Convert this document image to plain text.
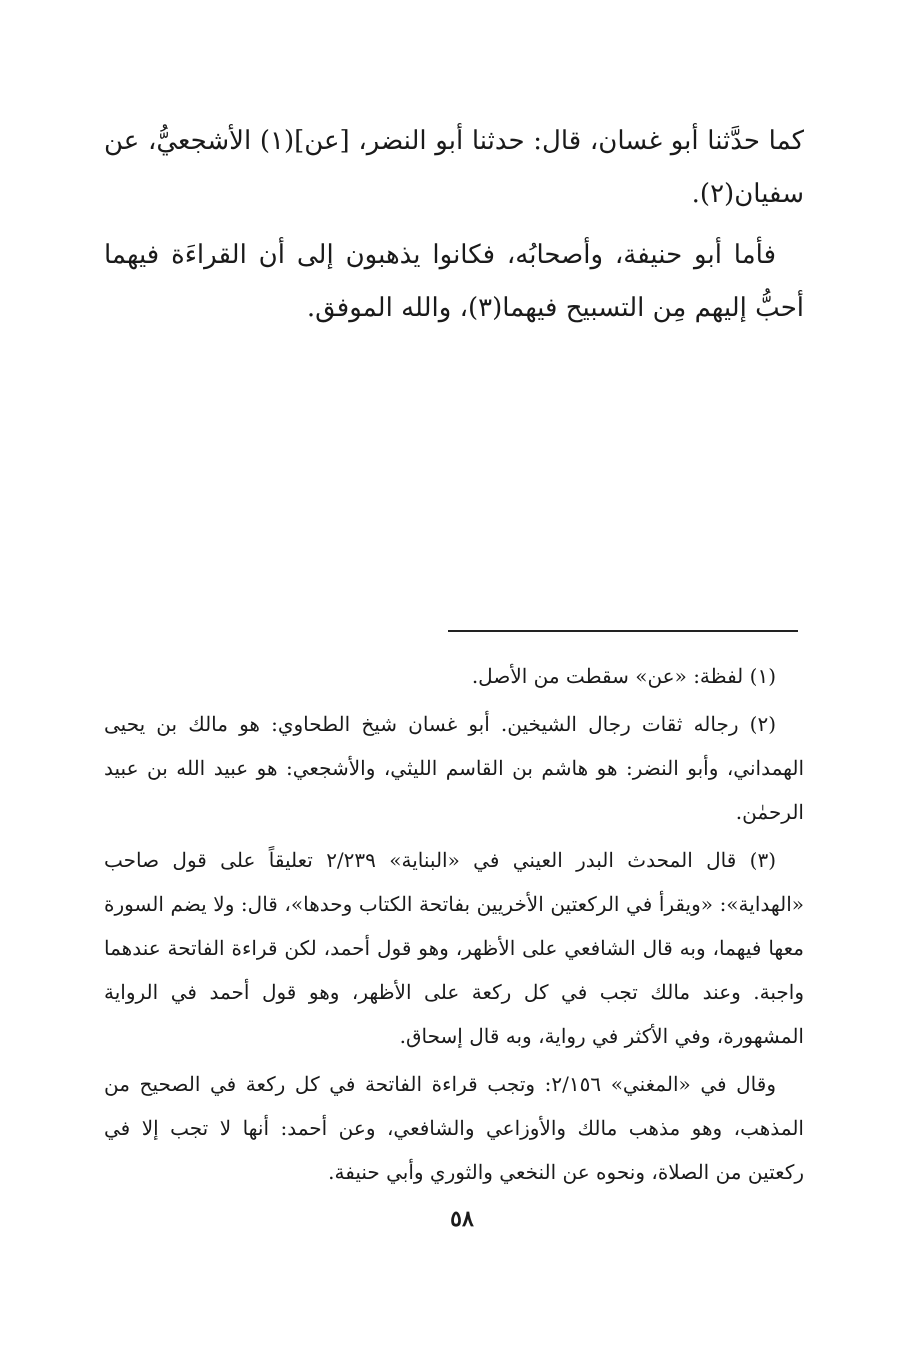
كما حدَّثنا أبو غسان، قال: حدثنا أبو النضر، [عن](١) الأشجعيُّ، عن سفيان(٢).

فأما أبو حنيفة، وأصحابُه، فكانوا يذهبون إلى أن القراءَة فيهما أحبُّ إليهم مِن التسبيح فيهما(٣)، والله الموفق.

(١) لفظة: «عن» سقطت من الأصل.

(٢) رجاله ثقات رجال الشيخين. أبو غسان شيخ الطحاوي: هو مالك بن يحيى الهمداني، وأبو النضر: هو هاشم بن القاسم الليثي، والأشجعي: هو عبيد الله بن عبيد الرحمٰن.

(٣) قال المحدث البدر العيني في «البناية» ٢/٢٣٩ تعليقاً على قول صاحب «الهداية»: «ويقرأ في الركعتين الأخريين بفاتحة الكتاب وحدها»، قال: ولا يضم السورة معها فيهما، وبه قال الشافعي على الأظهر، وهو قول أحمد، لكن قراءة الفاتحة عندهما واجبة. وعند مالك تجب في كل ركعة على الأظهر، وهو قول أحمد في الرواية المشهورة، وفي الأكثر في رواية، وبه قال إسحاق.

وقال في «المغني» ٢/١٥٦: وتجب قراءة الفاتحة في كل ركعة في الصحيح من المذهب، وهو مذهب مالك والأوزاعي والشافعي، وعن أحمد: أنها لا تجب إلا في ركعتين من الصلاة، ونحوه عن النخعي والثوري وأبي حنيفة.

٥٨
